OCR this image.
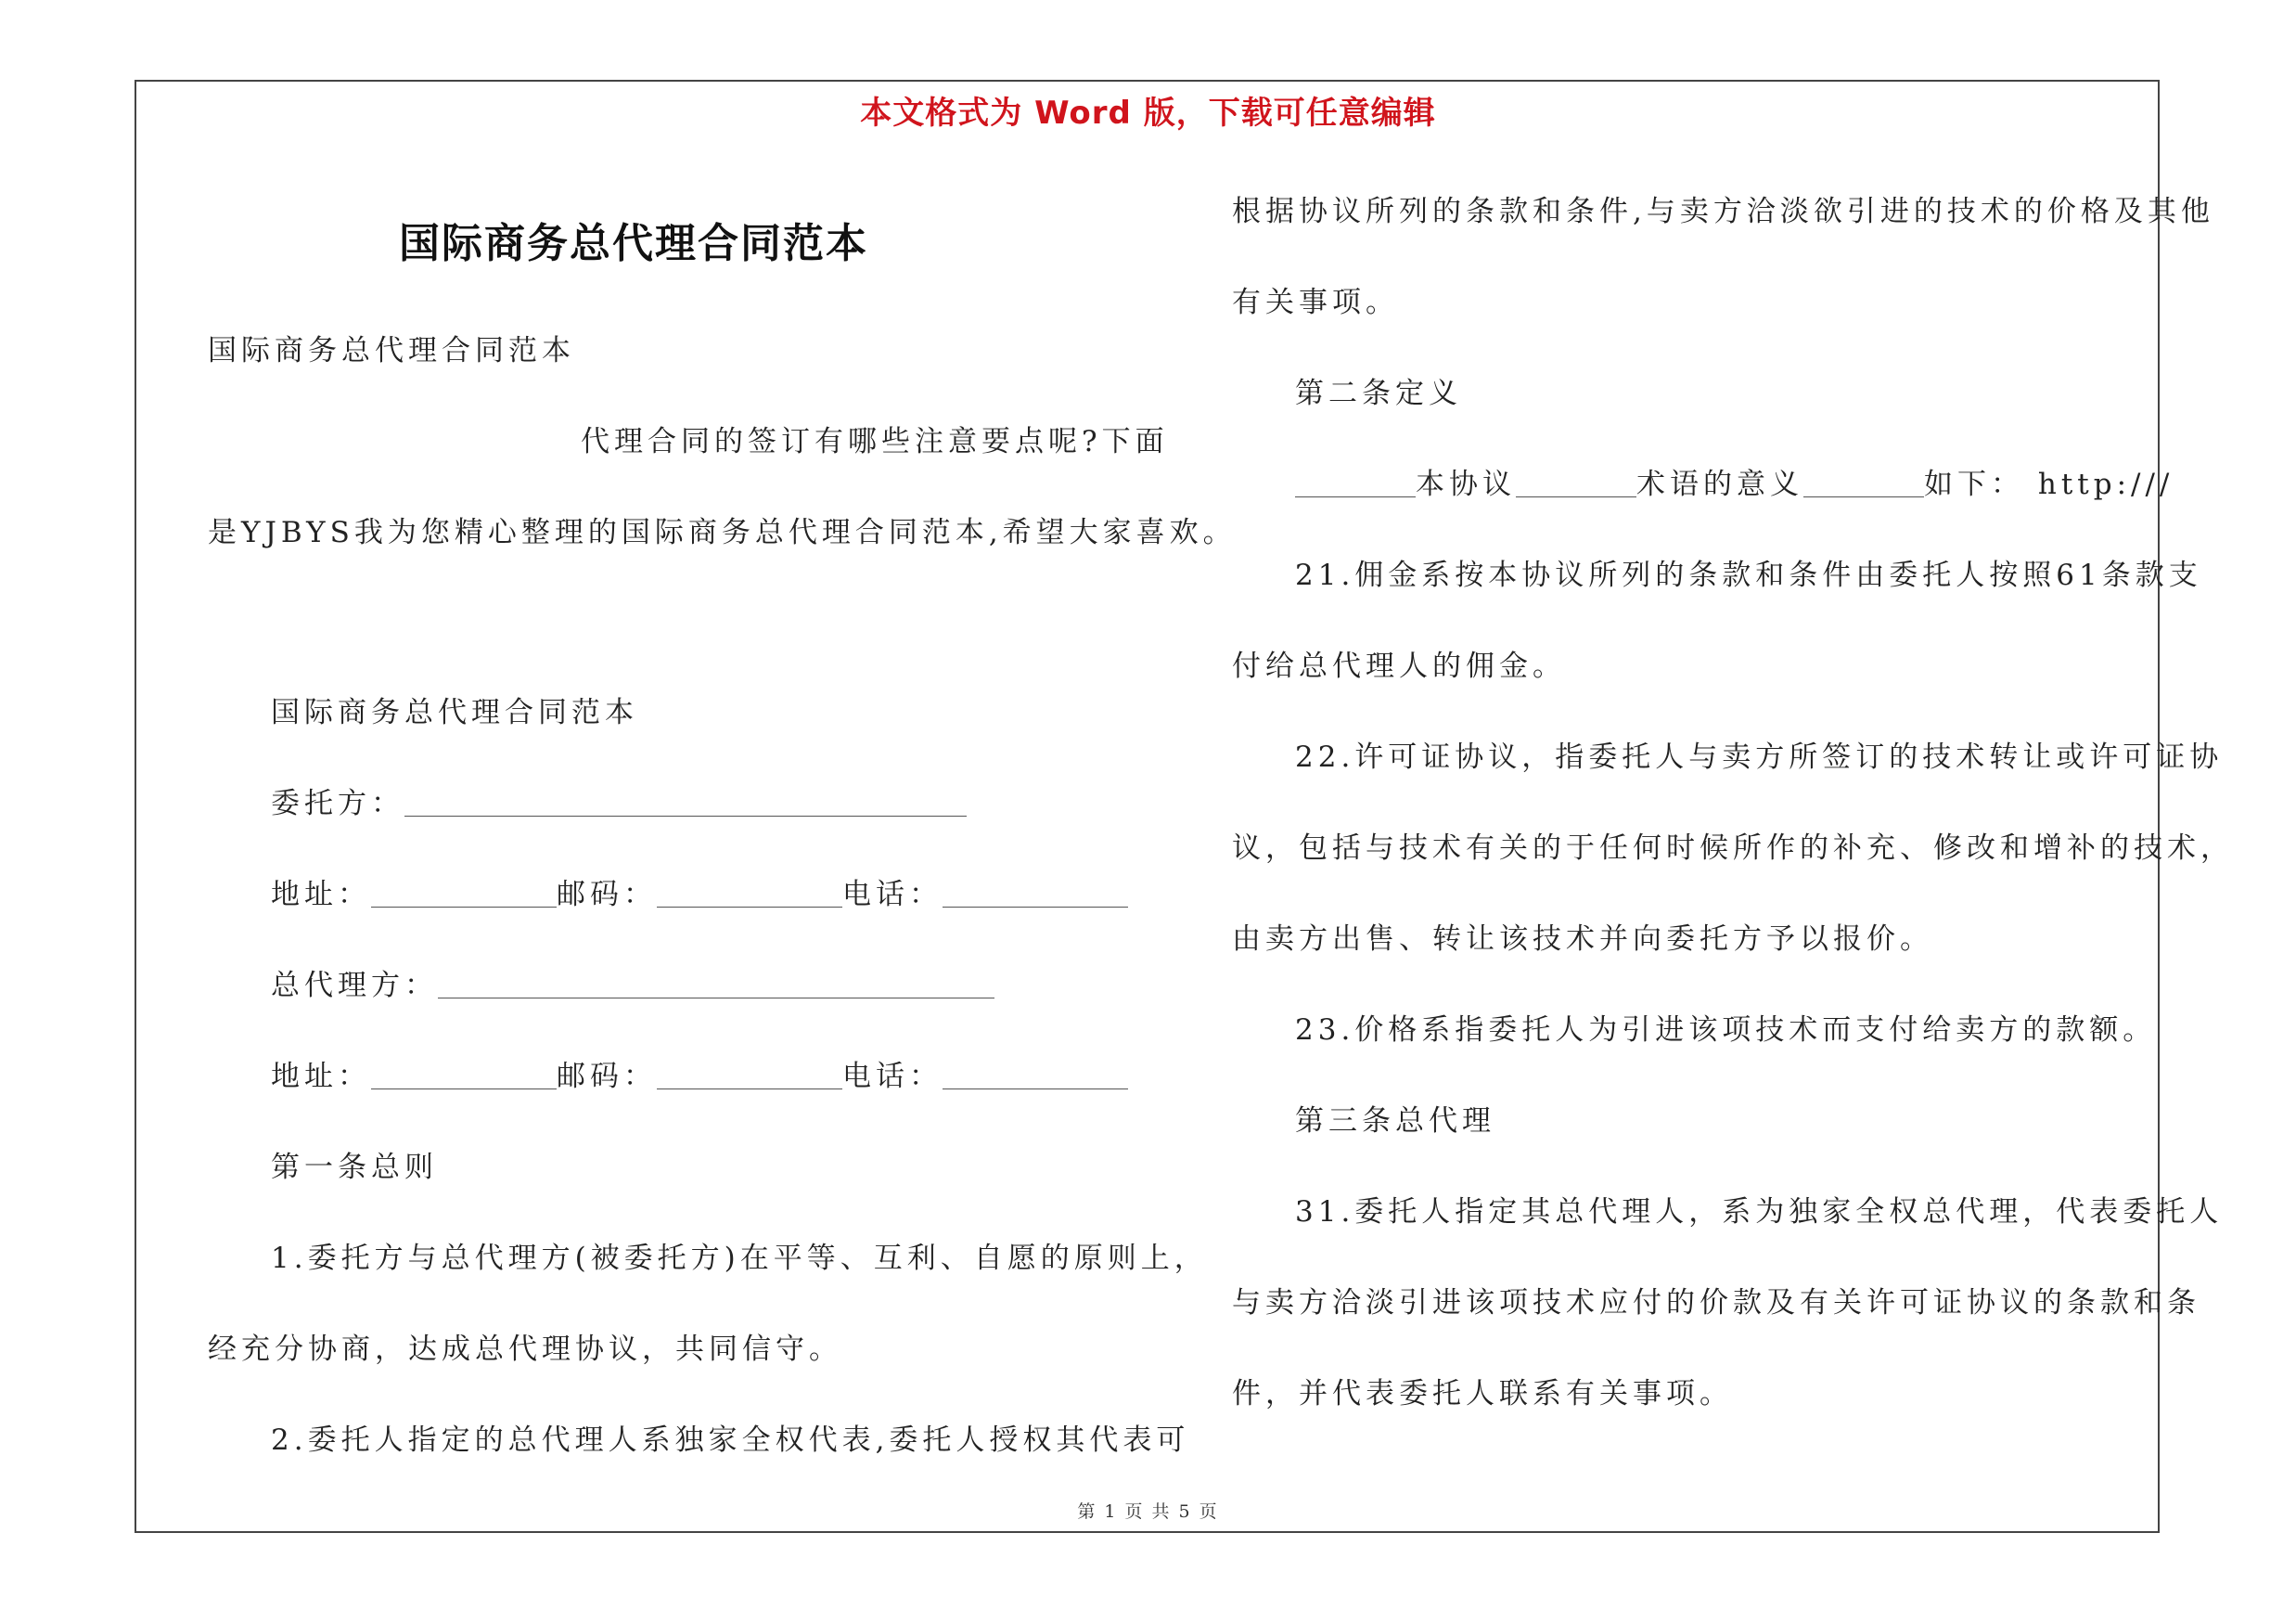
本文格式为 Word 版，下载可任意编辑
国际商务总代理合同范本
国际商务总代理合同范本
代理合同的签订有哪些注意要点呢?下面
是YJBYS我为您精心整理的国际商务总代理合同范本,希望大家喜欢。
国际商务总代理合同范本
委托方：
地址：	邮码：	电话：
总代理方：
地址：	邮码：	电话：
第一条总则
1.委托方与总代理方(被委托方)在平等、互利、自愿的原则上，
经充分协商，达成总代理协议，共同信守。
2.委托人指定的总代理人系独家全权代表,委托人授权其代表可
根据协议所列的条款和条件,与卖方洽淡欲引进的技术的价格及其他
有关事项。
第二条定义
本协议	术语的意义	如下： http:///
21.佣金系按本协议所列的条款和条件由委托人按照61条款支
付给总代理人的佣金。
22.许可证协议，指委托人与卖方所签订的技术转让或许可证协
议，包括与技术有关的于任何时候所作的补充、修改和增补的技术，
由卖方出售、转让该技术并向委托方予以报价。
23.价格系指委托人为引进该项技术而支付给卖方的款额。
第三条总代理
31.委托人指定其总代理人，系为独家全权总代理，代表委托人
与卖方洽淡引进该项技术应付的价款及有关许可证协议的条款和条
件，并代表委托人联系有关事项。
第 1 页 共 5 页
